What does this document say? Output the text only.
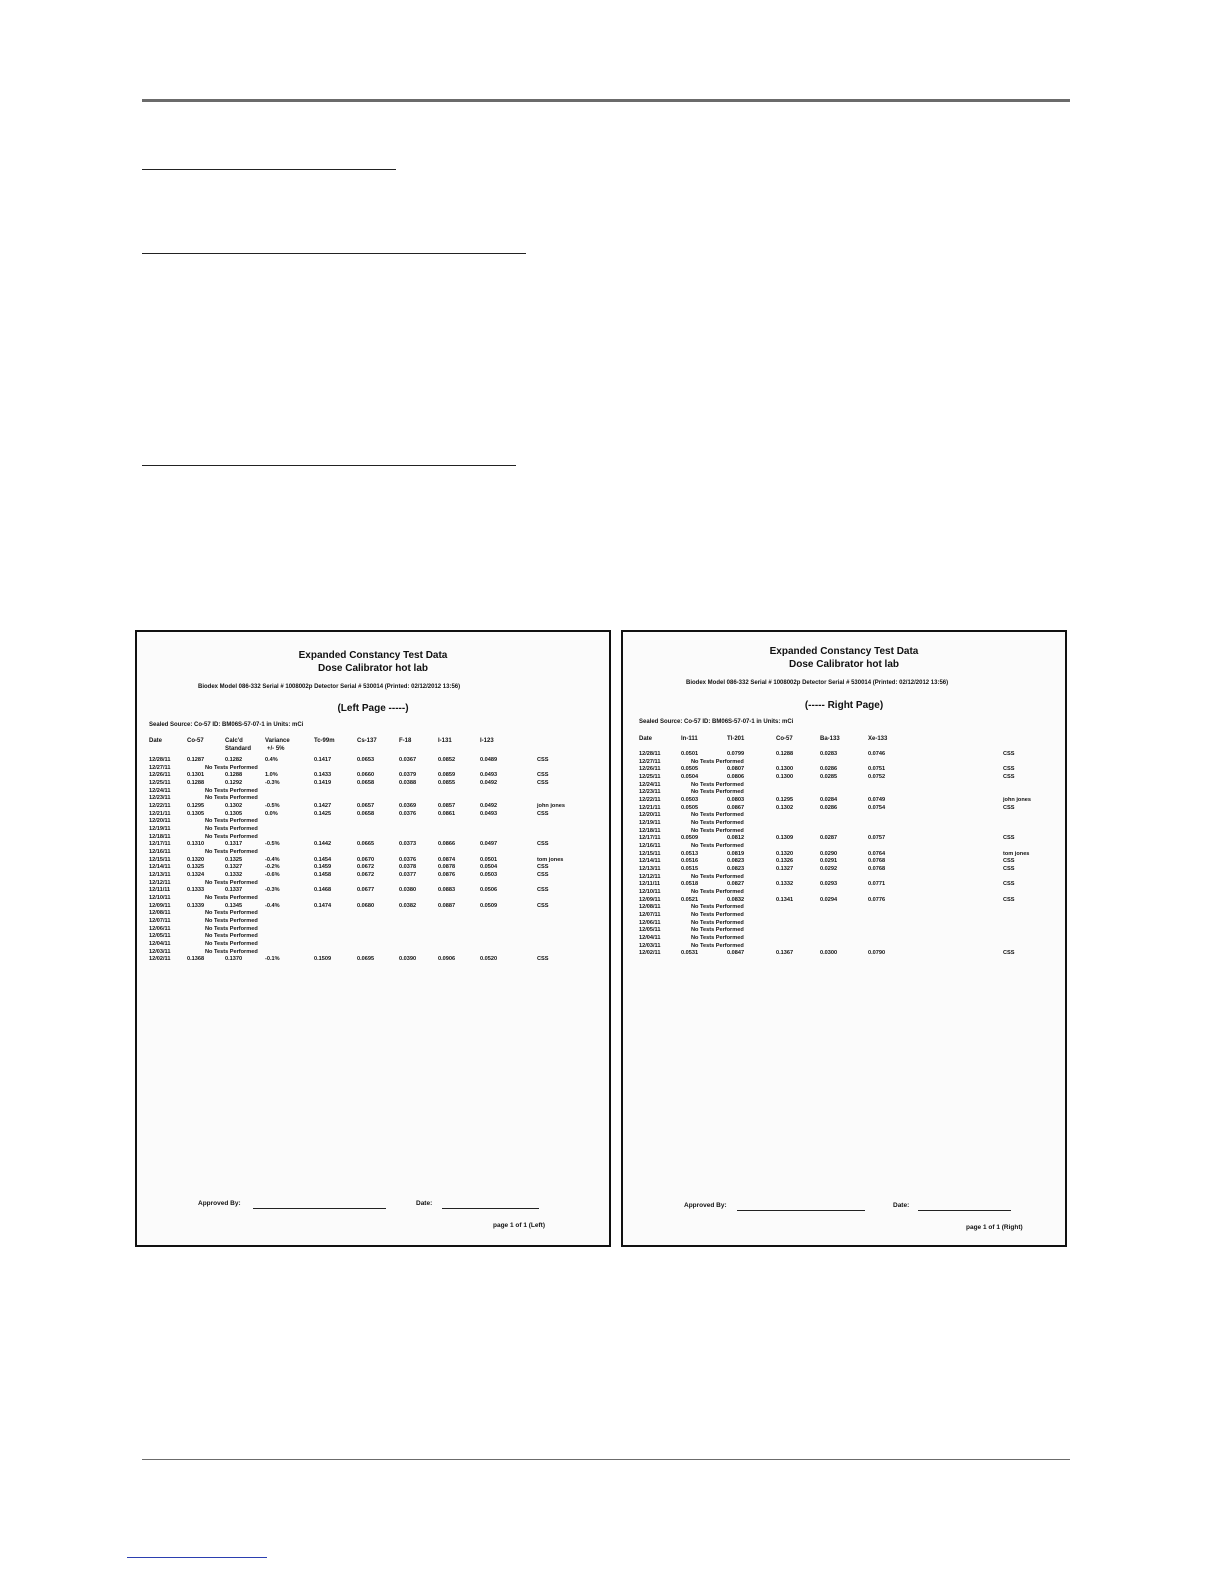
Expanded Constancy Test Data
Dose Calibrator hot lab
Biodex Model 086-332 Serial # 1008002p Detector Serial # 530014 (Printed: 02/12/2012 13:56)
(Left Page -----)
Sealed Source: Co-57 ID: BM06S-57-07-1 in Units: mCi
Date	Co-57	Calc'd	Variance	Tc-99m	Cs-137	F-18	I-131	I-123
Standard	+/- 5%
12/28/11	0.1287	0.1282	0.4%	0.1417	0.0653	0.0367	0.0852	0.0489	CSS
12/27/11	No Tests Performed
12/26/11	0.1301	0.1288	1.0%	0.1433	0.0660	0.0379	0.0859	0.0493	CSS
12/25/11	0.1288	0.1292	-0.3%	0.1419	0.0658	0.0388	0.0855	0.0492	CSS
12/24/11	No Tests Performed
12/23/11	No Tests Performed
12/22/11	0.1295	0.1302	-0.5%	0.1427	0.0657	0.0369	0.0857	0.0492	john jones
12/21/11	0.1305	0.1305	0.0%	0.1425	0.0658	0.0376	0.0861	0.0493	CSS
12/20/11	No Tests Performed
12/19/11	No Tests Performed
12/18/11	No Tests Performed
12/17/11	0.1310	0.1317	-0.5%	0.1442	0.0665	0.0373	0.0866	0.0497	CSS
12/16/11	No Tests Performed
12/15/11	0.1320	0.1325	-0.4%	0.1454	0.0670	0.0376	0.0874	0.0501	tom jones
12/14/11	0.1325	0.1327	-0.2%	0.1459	0.0672	0.0378	0.0878	0.0504	CSS
12/13/11	0.1324	0.1332	-0.6%	0.1458	0.0672	0.0377	0.0876	0.0503	CSS
12/12/11	No Tests Performed
12/11/11	0.1333	0.1337	-0.3%	0.1468	0.0677	0.0380	0.0883	0.0506	CSS
12/10/11	No Tests Performed
12/09/11	0.1339	0.1345	-0.4%	0.1474	0.0680	0.0382	0.0887	0.0509	CSS
12/08/11	No Tests Performed
12/07/11	No Tests Performed
12/06/11	No Tests Performed
12/05/11	No Tests Performed
12/04/11	No Tests Performed
12/03/11	No Tests Performed
12/02/11	0.1368	0.1370	-0.1%	0.1509	0.0695	0.0390	0.0906	0.0520	CSS
Approved By:	Date:
page 1 of 1 (Left)
Expanded Constancy Test Data
Dose Calibrator hot lab
Biodex Model 086-332 Serial # 1008002p Detector Serial # 530014 (Printed: 02/12/2012 13:56)
(----- Right Page)
Sealed Source: Co-57 ID: BM06S-57-07-1 in Units: mCi
Date	In-111	Tl-201	Co-57	Ba-133	Xe-133
12/28/11	0.0501	0.0799	0.1288	0.0283	0.0746	CSS
12/27/11	No Tests Performed
12/26/11	0.0505	0.0807	0.1300	0.0286	0.0751	CSS
12/25/11	0.0504	0.0806	0.1300	0.0285	0.0752	CSS
12/24/11	No Tests Performed
12/23/11	No Tests Performed
12/22/11	0.0503	0.0803	0.1295	0.0284	0.0749	john jones
12/21/11	0.0505	0.0867	0.1302	0.0286	0.0754	CSS
12/20/11	No Tests Performed
12/19/11	No Tests Performed
12/18/11	No Tests Performed
12/17/11	0.0509	0.0812	0.1309	0.0287	0.0757	CSS
12/16/11	No Tests Performed
12/15/11	0.0513	0.0819	0.1320	0.0290	0.0764	tom jones
12/14/11	0.0516	0.0823	0.1326	0.0291	0.0768	CSS
12/13/11	0.0515	0.0823	0.1327	0.0292	0.0768	CSS
12/12/11	No Tests Performed
12/11/11	0.0518	0.0827	0.1332	0.0293	0.0771	CSS
12/10/11	No Tests Performed
12/09/11	0.0521	0.0832	0.1341	0.0294	0.0776	CSS
12/08/11	No Tests Performed
12/07/11	No Tests Performed
12/06/11	No Tests Performed
12/05/11	No Tests Performed
12/04/11	No Tests Performed
12/03/11	No Tests Performed
12/02/11	0.0531	0.0847	0.1367	0.0300	0.0790	CSS
Approved By:	Date:
page 1 of 1 (Right)
